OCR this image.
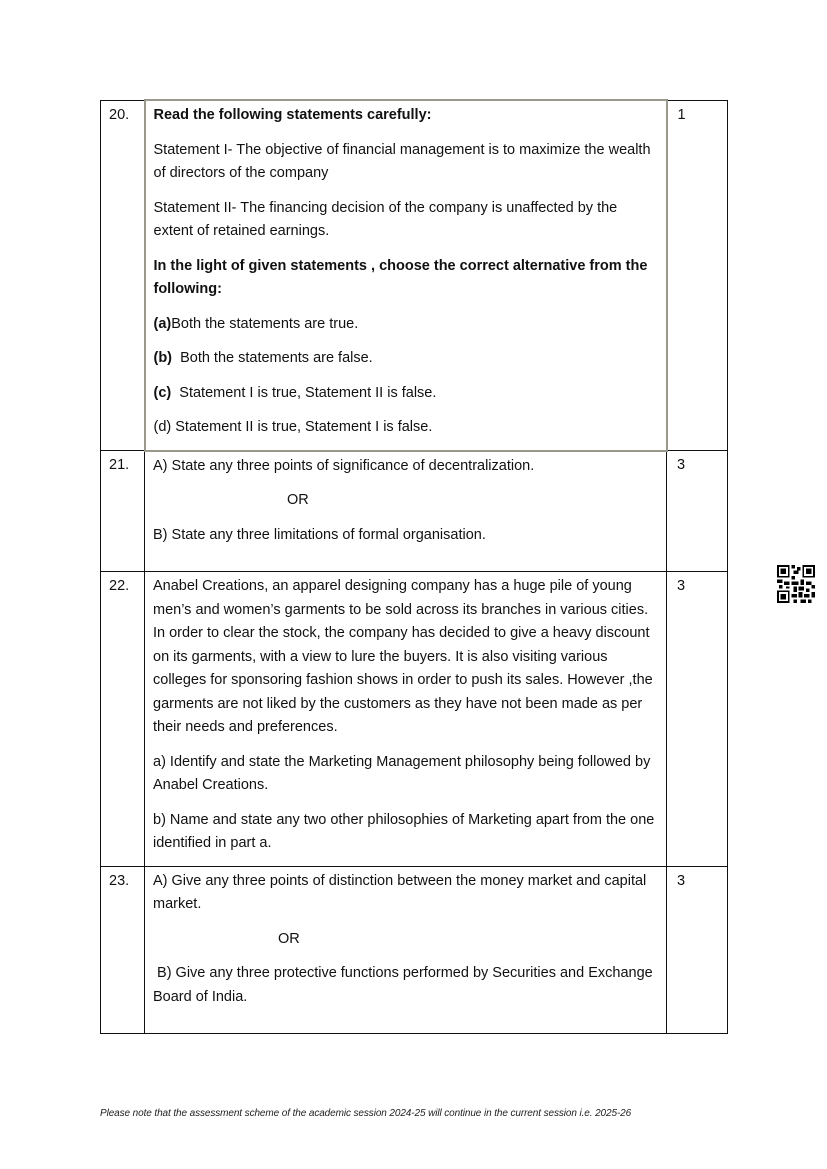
20.	Read the following statements carefully:

Statement I- The objective of financial management is to maximize the wealth of directors of the company

Statement II- The financing decision of the company is unaffected by the extent of retained earnings.

In the light of given statements , choose the correct alternative from the following:

(a)Both the statements are true.

(b) Both the statements are false.

(c) Statement I is true, Statement II is false.

(d) Statement II is true, Statement I is false.

	1
21.	A) State any three points of significance of decentralization.

OR

B) State any three limitations of formal organisation.	3
22.	Anabel Creations, an apparel designing company has a huge pile of young men’s and women’s garments to be sold across its branches in various cities. In order to clear the stock, the company has decided to give a heavy discount on its garments, with a view to lure the buyers. It is also visiting various colleges for sponsoring fashion shows in order to push its sales. However ,the garments are not liked by the customers as they have not been made as per their needs and preferences.

a) Identify and state the Marketing Management philosophy being followed by Anabel Creations.

b) Name and state any two other philosophies of Marketing apart from the one identified in part a.	3
23.	A) Give any three points of distinction between the money market and capital market.

OR

B) Give any three protective functions performed by Securities and Exchange Board of India.	3
Please note that the assessment scheme of the academic session 2024-25 will continue in the current session i.e. 2025-26
